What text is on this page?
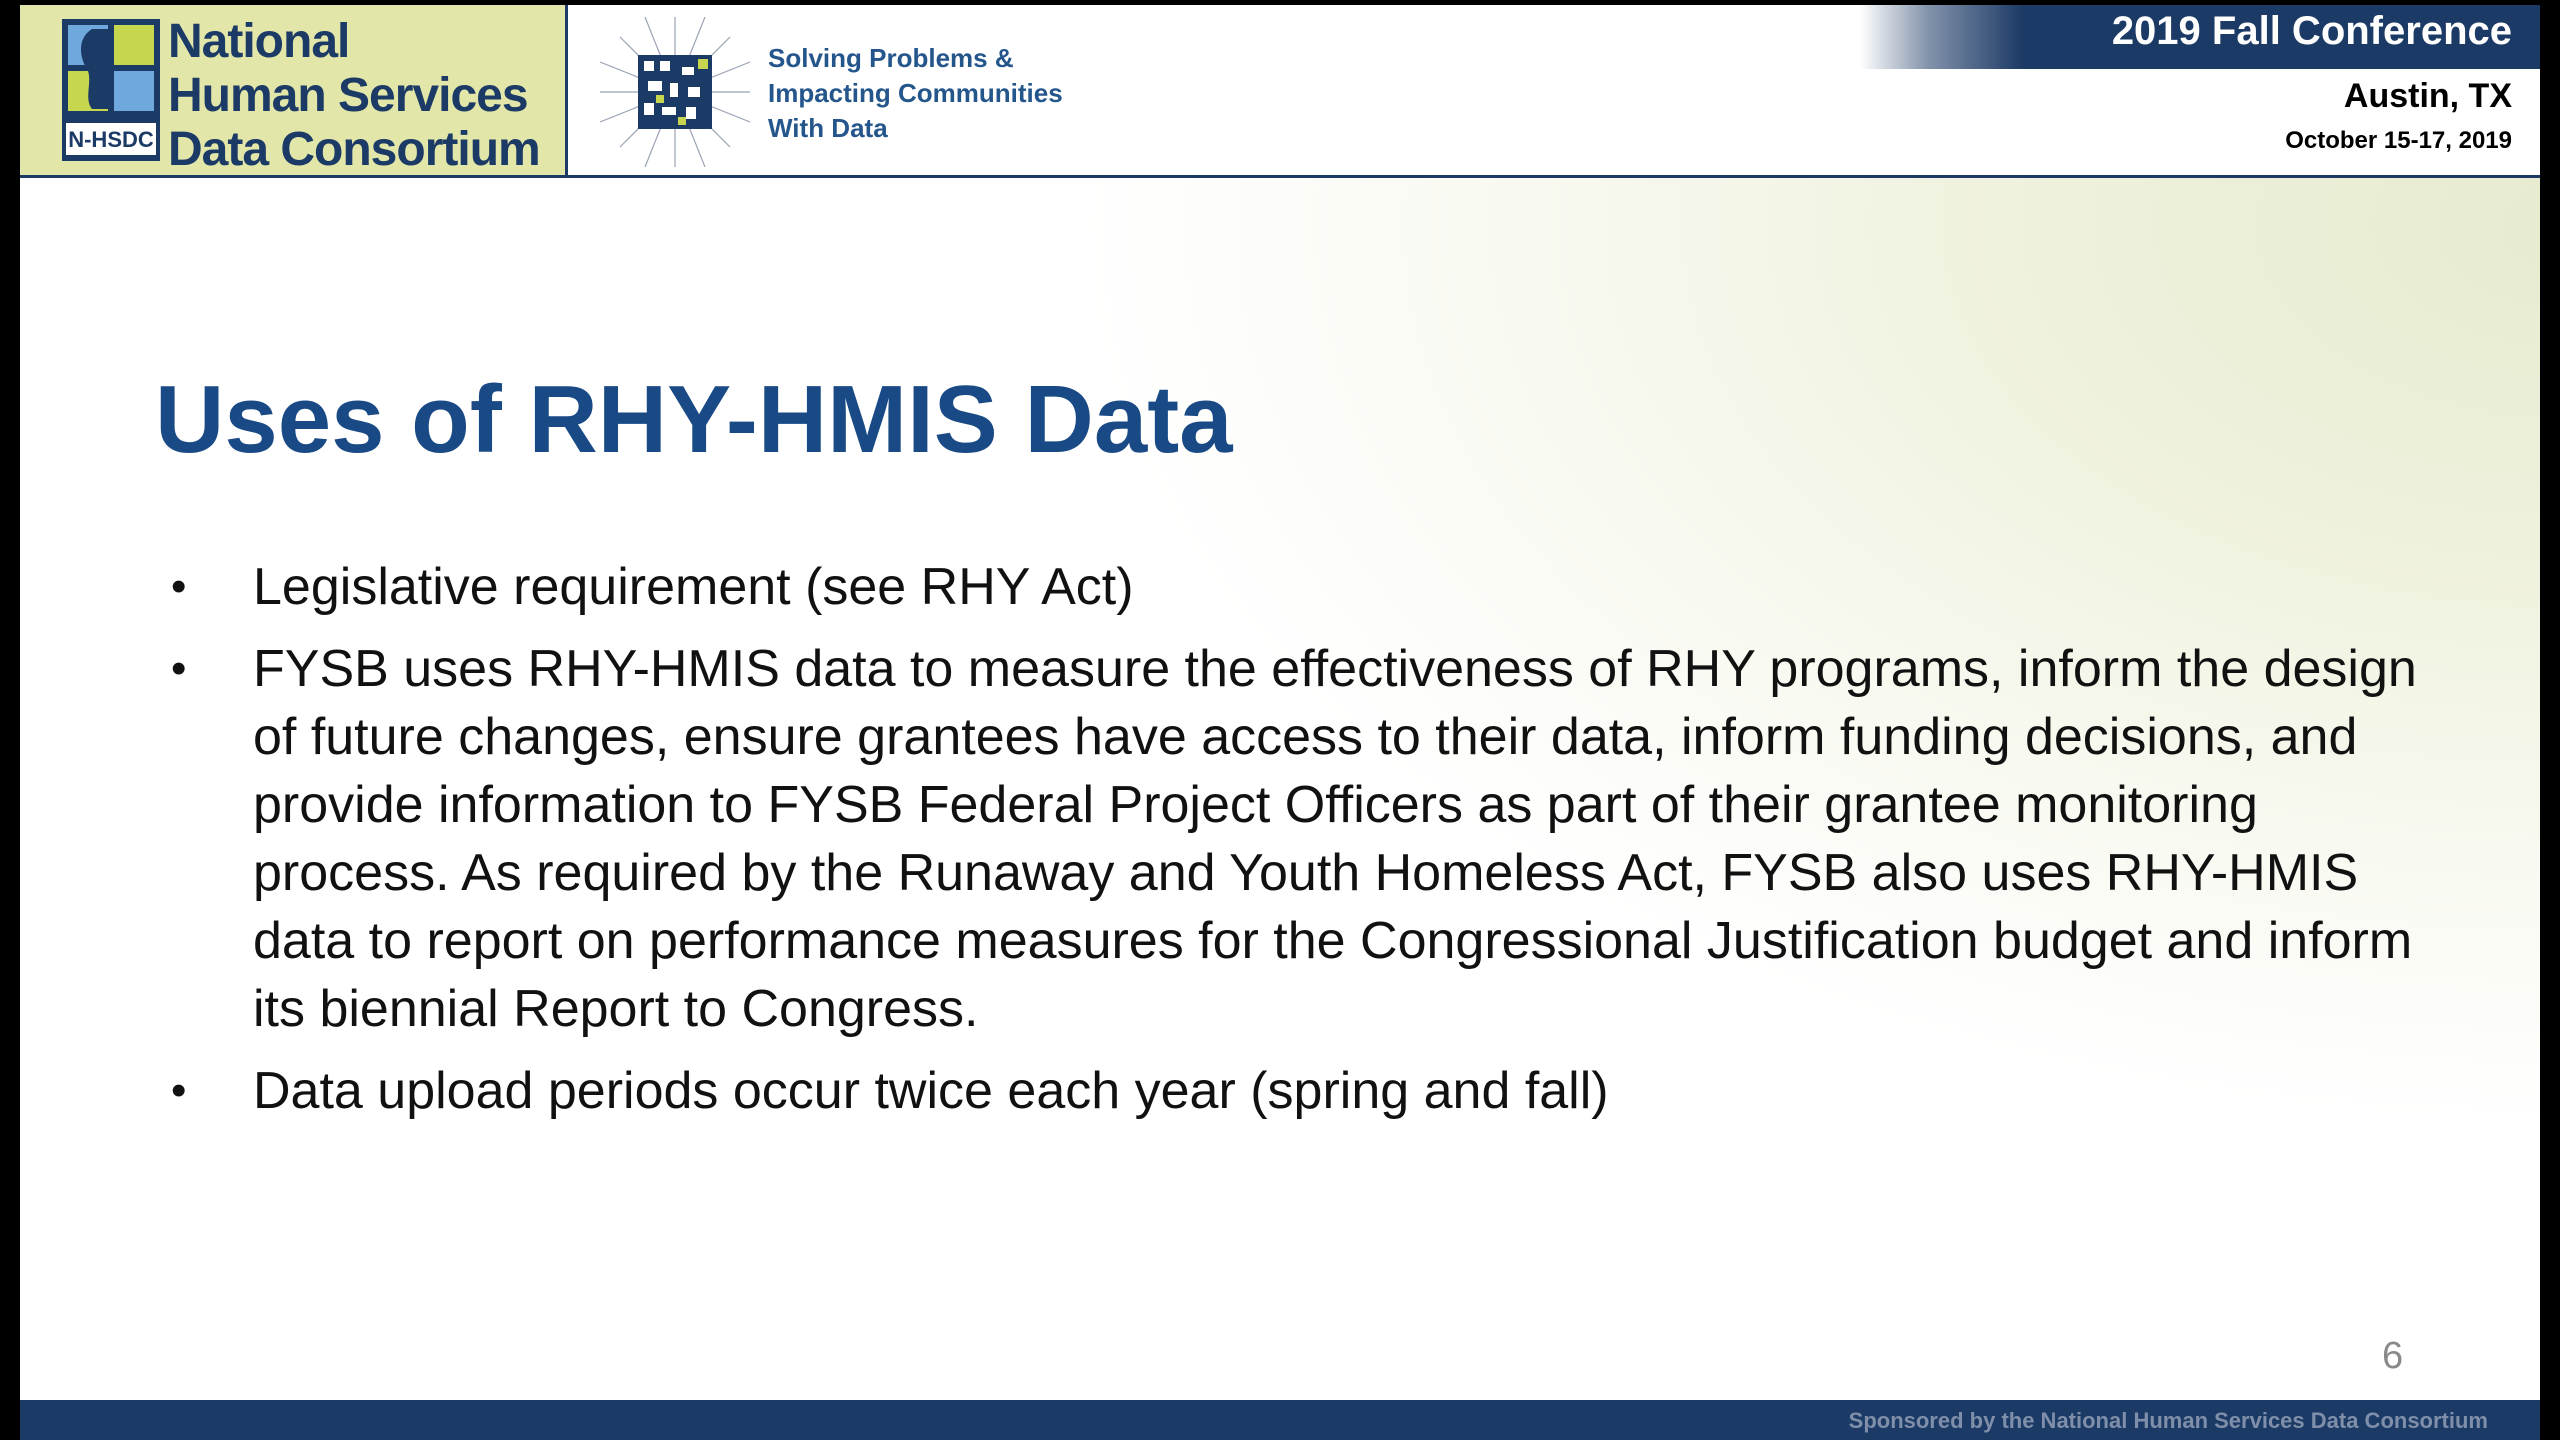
N-HSDC
National
Human Services
Data Consortium
Solving Problems &
Impacting Communities
With Data
2019 Fall Conference
Austin, TX
October 15-17, 2019
Uses of RHY-HMIS Data
• Legislative requirement (see RHY Act)
• FYSB uses RHY-HMIS data to measure the effectiveness of RHY programs, inform the design of future changes, ensure grantees have access to their data, inform funding decisions, and provide information to FYSB Federal Project Officers as part of their grantee monitoring process. As required by the Runaway and Youth Homeless Act, FYSB also uses RHY-HMIS data to report on performance measures for the Congressional Justification budget and inform its biennial Report to Congress.
• Data upload periods occur twice each year (spring and fall)
6
Sponsored by the National Human Services Data Consortium
